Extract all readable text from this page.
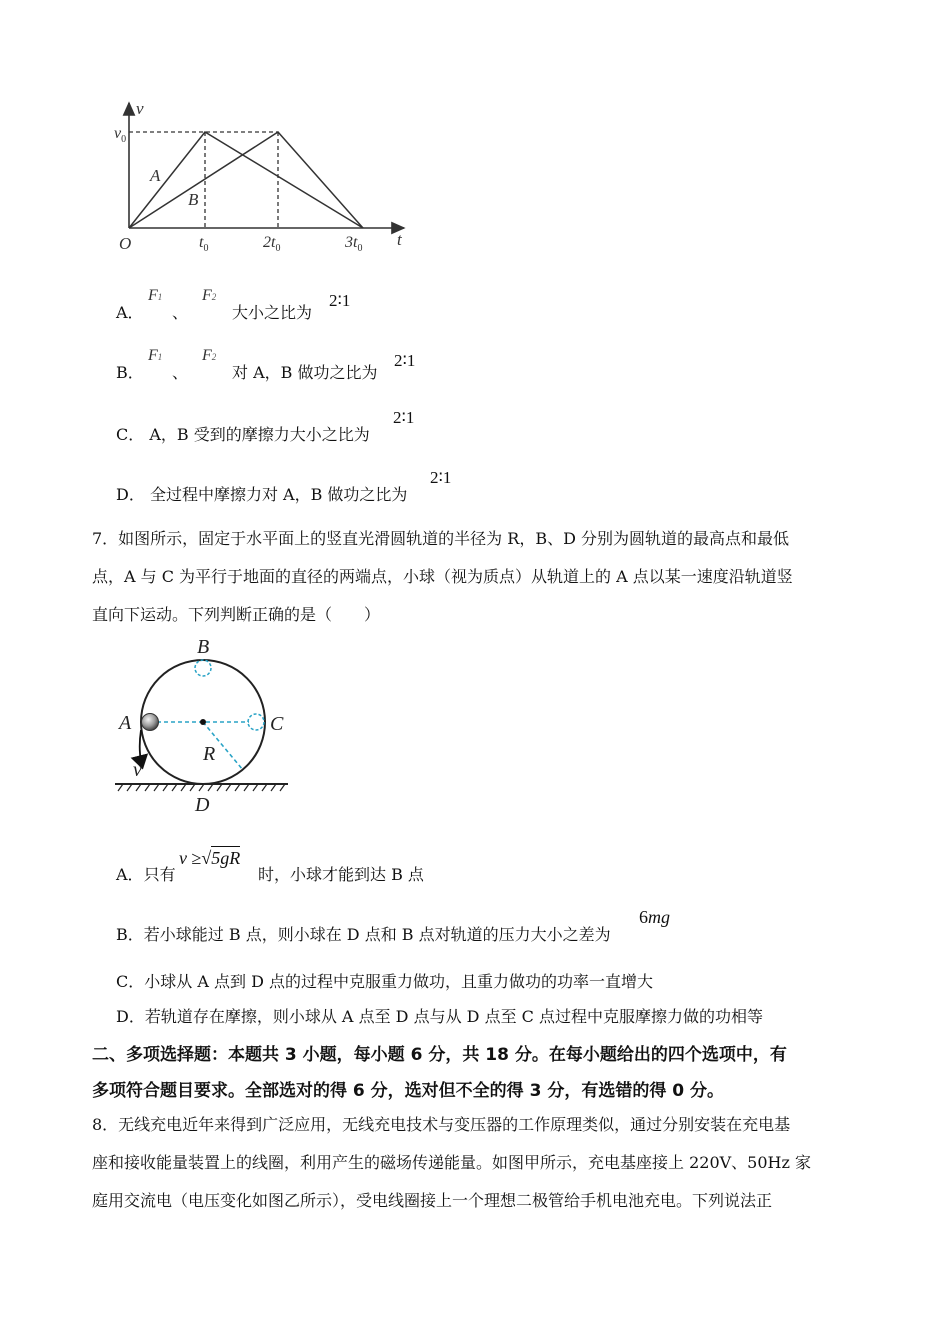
v
$v_0$
A
B
O	$t_0$	$2t_0$	$3t_0$ t
A．
F1
、
F2
大小之比为
2∶1
B．
F1
、
F2
对 A，B 做功之比为
2∶1
C． A，B 受到的摩擦力大小之比为
2∶1
D． 全过程中摩擦力对 A，B 做功之比为
2∶1
7．如图所示，固定于水平面上的竖直光滑圆轨道的半径为 R，B、D 分别为圆轨道的最高点和最低
点，A 与 C 为平行于地面的直径的两端点，小球（视为质点）从轨道上的 A 点以某一速度沿轨道竖
直向下运动。下列判断正确的是（　　）
B
A	C
R
v
D
A．只有
v ≥√5gR
时，小球才能到达 B 点
B．若小球能过 B 点，则小球在 D 点和 B 点对轨道的压力大小之差为
6mg
C．小球从 A 点到 D 点的过程中克服重力做功，且重力做功的功率一直增大
D．若轨道存在摩擦，则小球从 A 点至 D 点与从 D 点至 C 点过程中克服摩擦力做的功相等
二、多项选择题：本题共 3 小题，每小题 6 分，共 18 分。在每小题给出的四个选项中，有
多项符合题目要求。全部选对的得 6 分，选对但不全的得 3 分，有选错的得 0 分。
8．无线充电近年来得到广泛应用，无线充电技术与变压器的工作原理类似，通过分别安装在充电基
座和接收能量装置上的线圈，利用产生的磁场传递能量。如图甲所示，充电基座接上 220V、50Hz 家
庭用交流电（电压变化如图乙所示），受电线圈接上一个理想二极管给手机电池充电。下列说法正
